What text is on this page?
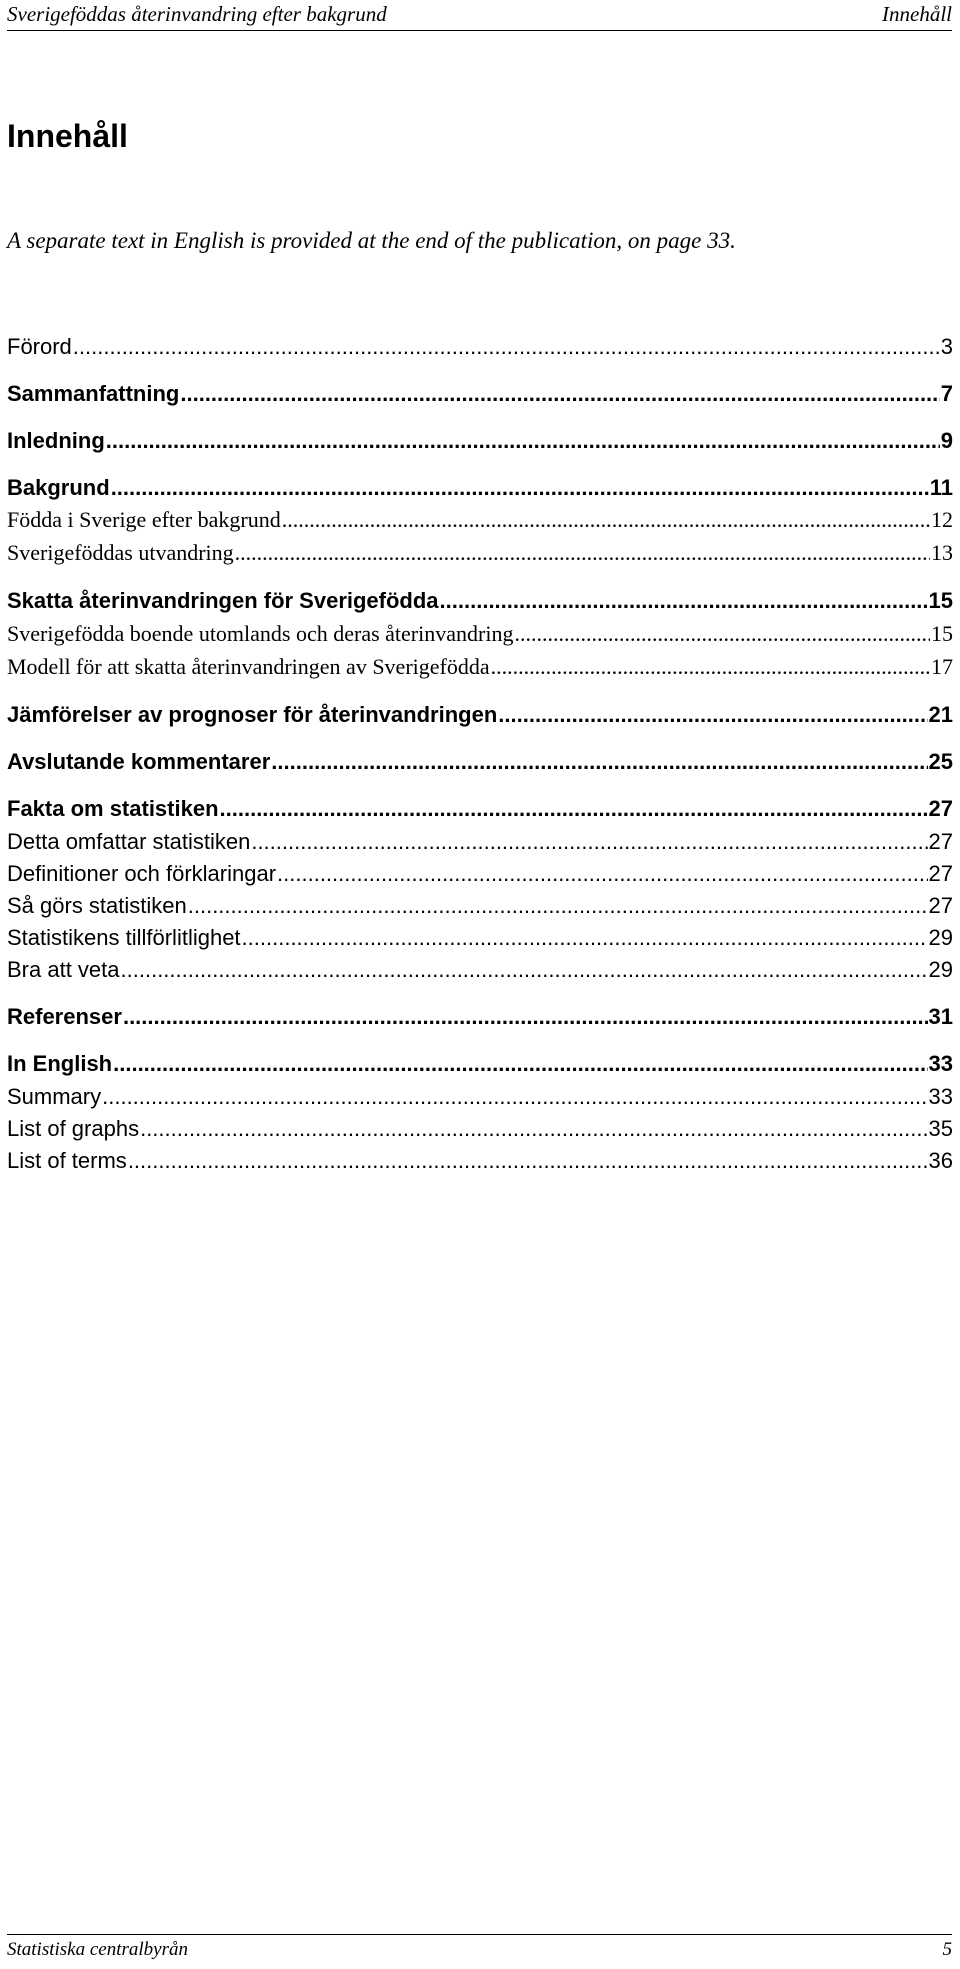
Sverigeföddas återinvandring efter bakgrund	Innehåll
Innehåll

A separate text in English is provided at the end of the publication, on page 33.

Förord .....	3
Sammanfattning .....	7
Inledning .....	9
Bakgrund .....	11
Födda i Sverige efter bakgrund .....	12
Sverigeföddas utvandring .....	13
Skatta återinvandringen för Sverigefödda .....	15
Sverigefödda boende utomlands och deras återinvandring .....	15
Modell för att skatta återinvandringen av Sverigefödda .....	17
Jämförelser av prognoser för återinvandringen .....	21
Avslutande kommentarer .....	25
Fakta om statistiken .....	27
Detta omfattar statistiken .....	27
Definitioner och förklaringar .....	27
Så görs statistiken .....	27
Statistikens tillförlitlighet .....	29
Bra att veta .....	29
Referenser .....	31
In English .....	33
Summary .....	33
List of graphs .....	35
List of terms .....	36
Statistiska centralbyrån	5
